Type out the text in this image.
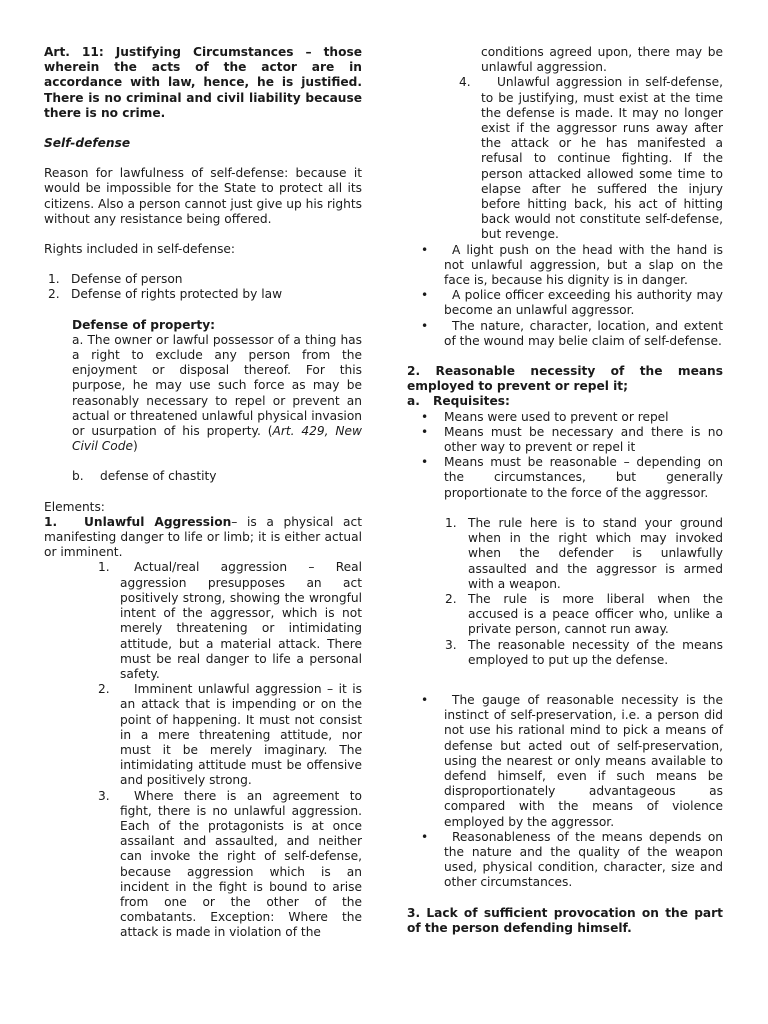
Art. 11: Justifying Circumstances – those wherein the acts of the actor are in accordance with law, hence, he is justified. There is no criminal and civil liability because there is no crime.

Self-defense

Reason for lawfulness of self-defense: because it would be impossible for the State to protect all its citizens. Also a person cannot just give up his rights without any resistance being offered.

Rights included in self-defense:

1. Defense of person
2. Defense of rights protected by law

Defense of property:

a. The owner or lawful possessor of a thing has a right to exclude any person from the enjoyment or disposal thereof. For this purpose, he may use such force as may be reasonably necessary to repel or prevent an actual or threatened unlawful physical invasion or usurpation of his property. (Art. 429, New Civil Code)

b.	defense of chastity

Elements:

1. Unlawful Aggression– is a physical act manifesting danger to life or limb; it is either actual or imminent.

1.	Actual/real aggression – Real aggression presupposes an act positively strong, showing the wrongful intent of the aggressor, which is not merely threatening or intimidating attitude, but a material attack. There must be real danger to life a personal safety.
2.	Imminent unlawful aggression – it is an attack that is impending or on the point of happening. It must not consist in a mere threatening attitude, nor must it be merely imaginary. The intimidating attitude must be offensive and positively strong.
3.	Where there is an agreement to fight, there is no unlawful aggression. Each of the protagonists is at once assailant and assaulted, and neither can invoke the right of self-defense, because aggression which is an incident in the fight is bound to arise from one or the other of the combatants. Exception: Where the attack is made in violation of the

conditions agreed upon, there may be unlawful aggression.

4.	Unlawful aggression in self-defense, to be justifying, must exist at the time the defense is made. It may no longer exist if the aggressor runs away after the attack or he has manifested a refusal to continue fighting. If the person attacked allowed some time to elapse after he suffered the injury before hitting back, his act of hitting back would not constitute self-defense, but revenge.
•	A light push on the head with the hand is not unlawful aggression, but a slap on the face is, because his dignity is in danger.
•	A police officer exceeding his authority may become an unlawful aggressor.
•	The nature, character, location, and extent of the wound may belie claim of self-defense.

2. Reasonable necessity of the means employed to prevent or repel it;

a. Requisites:

•	Means were used to prevent or repel
•	Means must be necessary and there is no other way to prevent or repel it
•	Means must be reasonable – depending on the circumstances, but generally proportionate to the force of the aggressor.
1. The rule here is to stand your ground when in the right which may invoked when the defender is unlawfully assaulted and the aggressor is armed with a weapon.
2. The rule is more liberal when the accused is a peace officer who, unlike a private person, cannot run away.
3. The reasonable necessity of the means employed to put up the defense.
•	The gauge of reasonable necessity is the instinct of self-preservation, i.e. a person did not use his rational mind to pick a means of defense but acted out of self-preservation, using the nearest or only means available to defend himself, even if such means be disproportionately advantageous as compared with the means of violence employed by the aggressor.
•	Reasonableness of the means depends on the nature and the quality of the weapon used, physical condition, character, size and other circumstances.

3. Lack of sufficient provocation on the part of the person defending himself.
